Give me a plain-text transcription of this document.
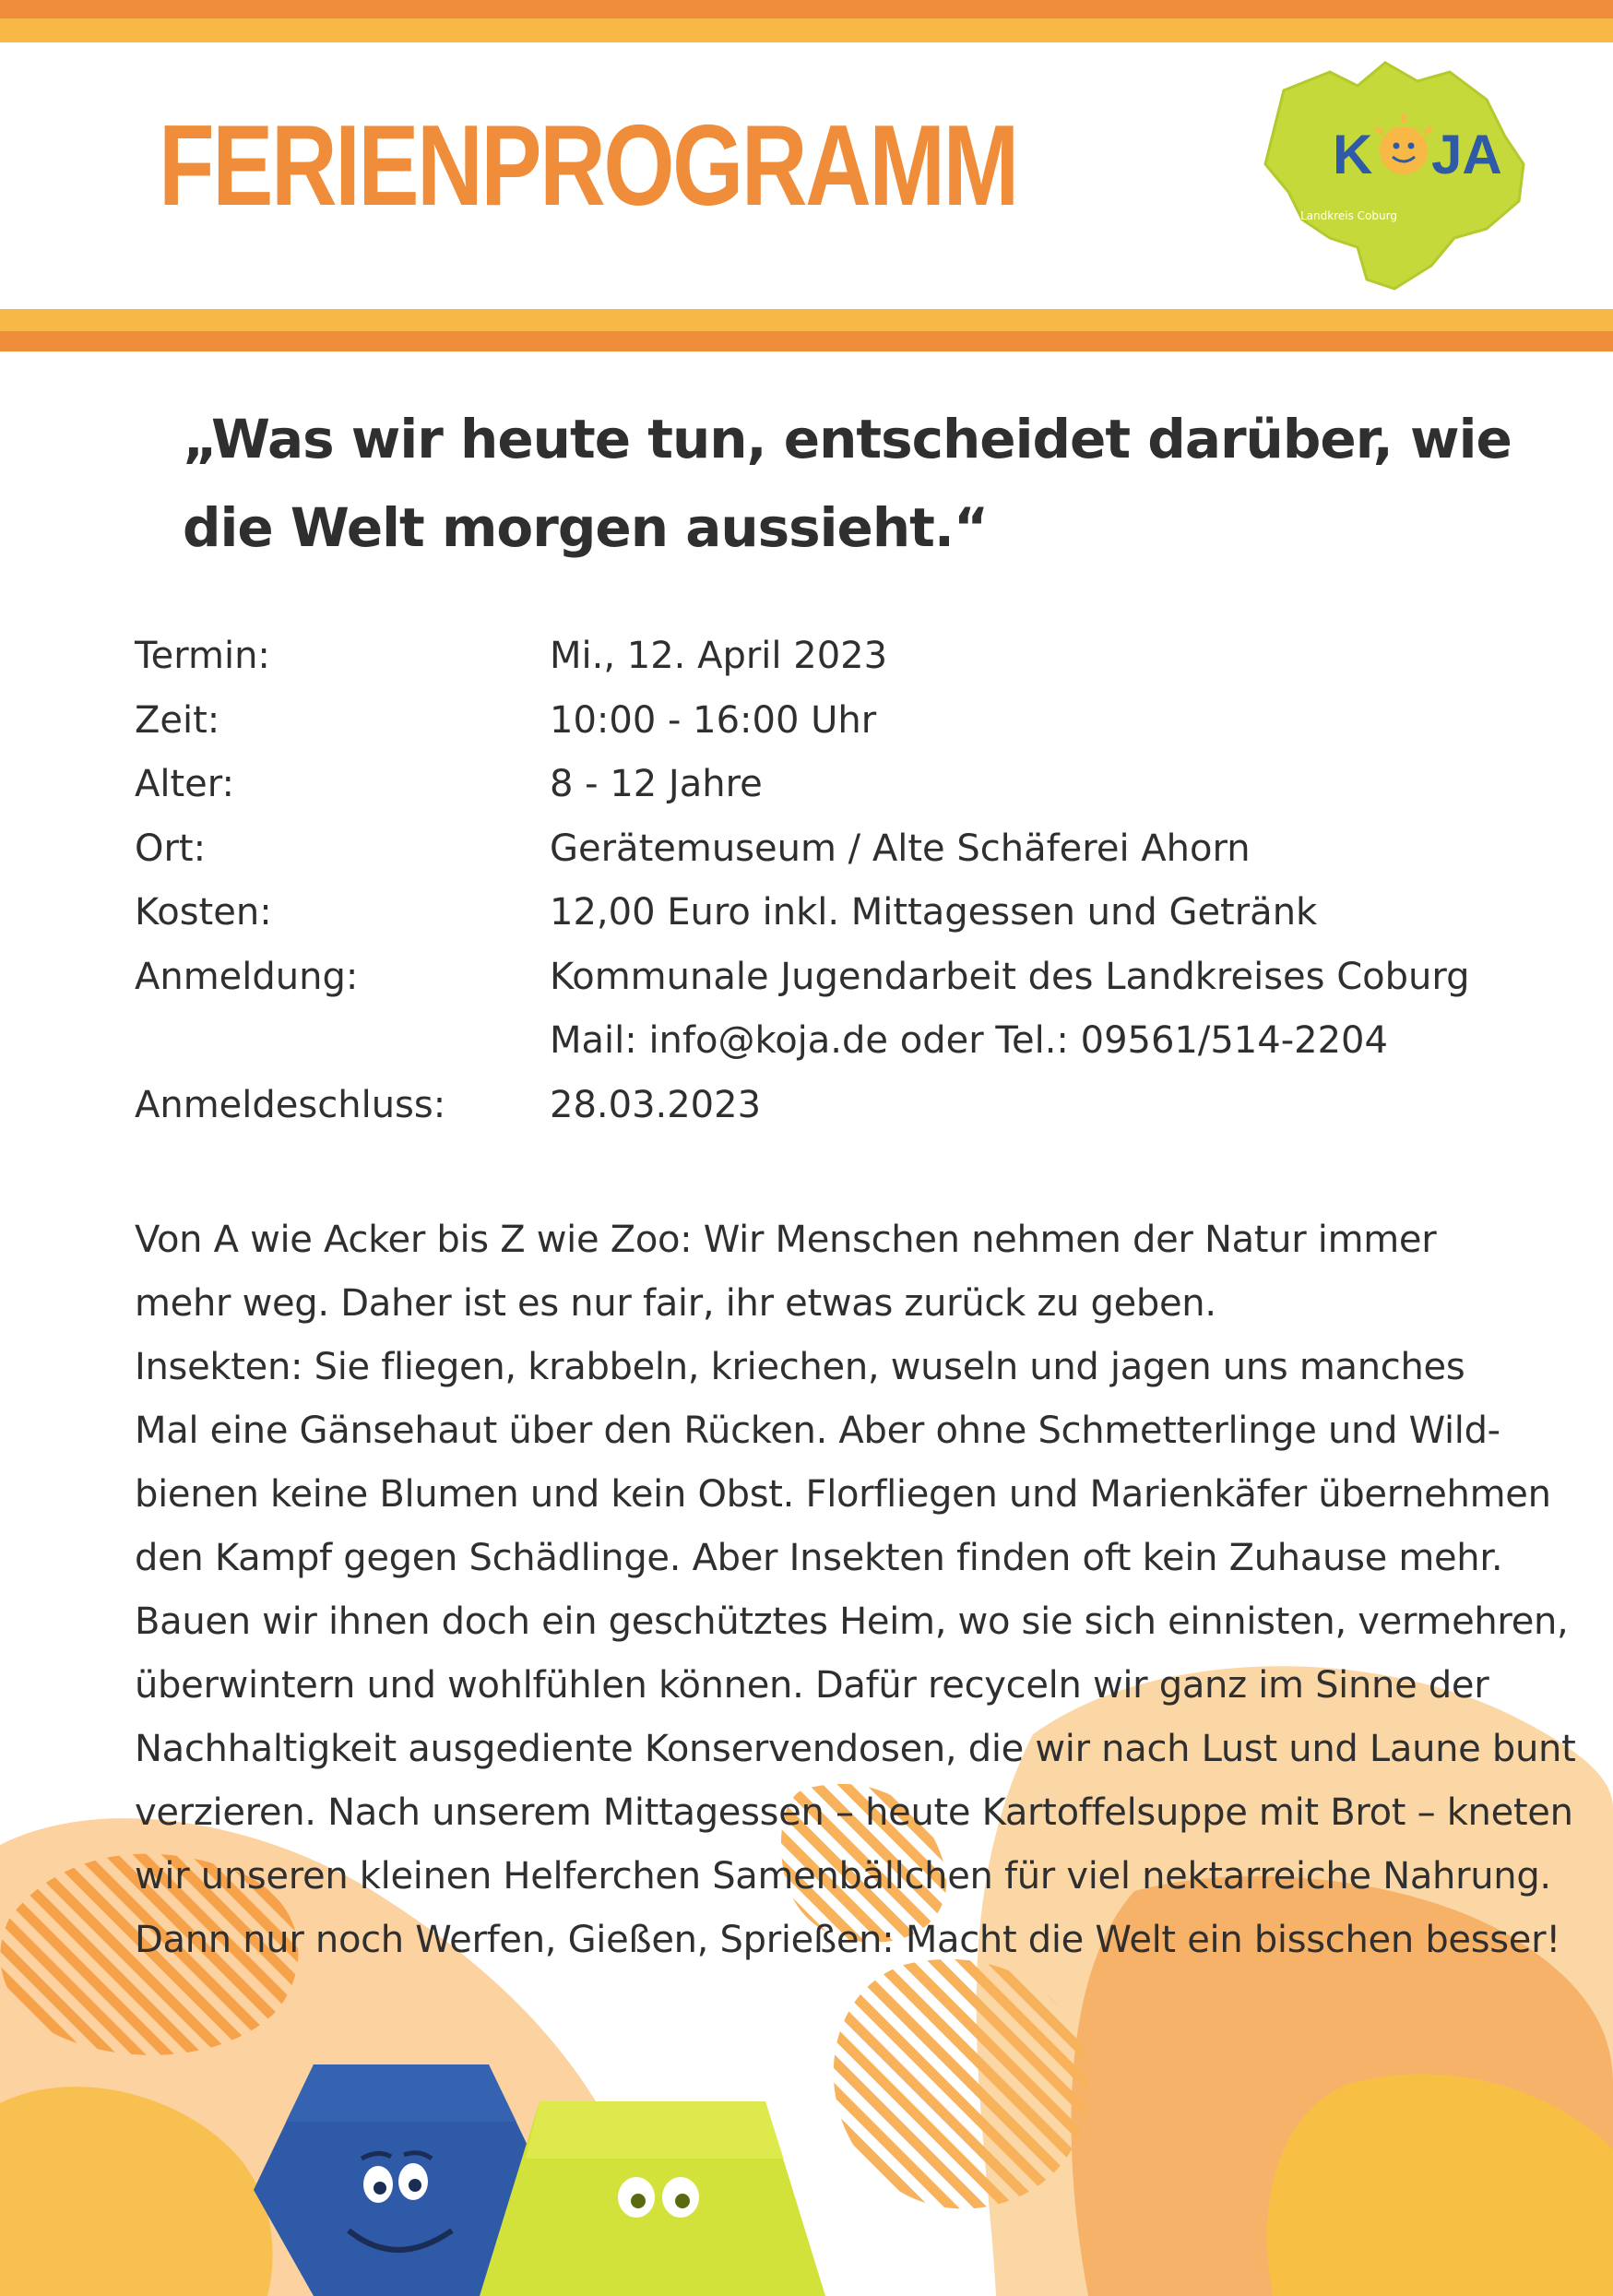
FERIENPROGRAMM	K JA
Landkreis Coburg
„Was wir heute tun, entscheidet darüber, wie
die Welt morgen aussieht.“
Termin:	Mi., 12. April 2023
Zeit:	10:00 - 16:00 Uhr
Alter:	8 - 12 Jahre
Ort:	Gerätemuseum / Alte Schäferei Ahorn
Kosten:	12,00 Euro inkl. Mittagessen und Getränk
Anmeldung:	Kommunale Jugendarbeit des Landkreises Coburg
Mail: info@koja.de oder Tel.: 09561/514-2204
Anmeldeschluss:	28.03.2023

Von A wie Acker bis Z wie Zoo: Wir Menschen nehmen der Natur immer

mehr weg. Daher ist es nur fair, ihr etwas zurück zu geben.

Insekten: Sie fliegen, krabbeln, kriechen, wuseln und jagen uns manches

Mal eine Gänsehaut über den Rücken. Aber ohne Schmetterlinge und Wild-

bienen keine Blumen und kein Obst. Florfliegen und Marienkäfer übernehmen

den Kampf gegen Schädlinge. Aber Insekten finden oft kein Zuhause mehr.

Bauen wir ihnen doch ein geschütztes Heim, wo sie sich einnisten, vermehren,

überwintern und wohlfühlen können. Dafür recyceln wir ganz im Sinne der

Nachhaltigkeit ausgediente Konservendosen, die wir nach Lust und Laune bunt

verzieren. Nach unserem Mittagessen – heute Kartoffelsuppe mit Brot – kneten

wir unseren kleinen Helferchen Samenbällchen für viel nektarreiche Nahrung.

Dann nur noch Werfen, Gießen, Sprießen: Macht die Welt ein bisschen besser!
